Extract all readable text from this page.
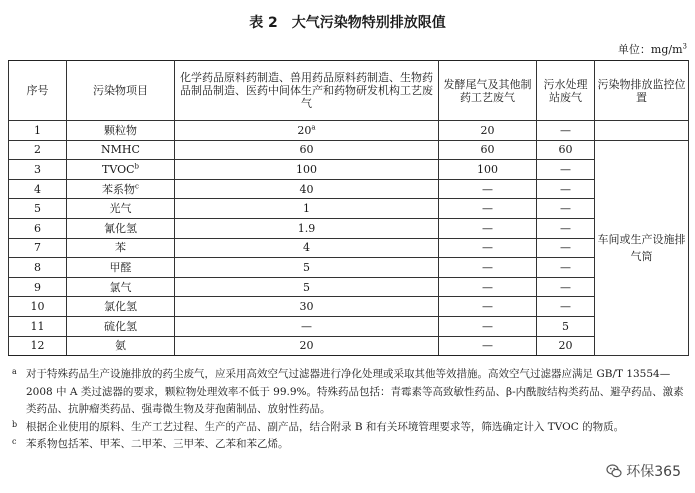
表 2　大气污染物特别排放限值
单位：$mg/m^3$
序号	污染物项目	化学药品原料药制造、兽用药品原料药制造、生物药品制品制造、医药中间体生产和药物研发机构工艺废气	发酵尾气及其他制药工艺废气	污水处理站废气	污染物排放监控位置
1	颗粒物	20$^a$	20	—	
2	NMHC	60	60	60	车间或生产设施排气筒
3	TVOC$^b$	100	100	—	
4	苯系物$^c$	40	—	—	
5	光气	1	—	—	
6	氰化氢	1.9	—	—	
7	苯	4	—	—	
8	甲醛	5	—	—	
9	氯气	5	—	—	
10	氯化氢	30	—	—	
11	硫化氢	—	—	5	
12	氨	20	—	20	
a 对于特殊药品生产设施排放的药尘废气，应采用高效空气过滤器进行净化处理或采取其他等效措施。高效空气过滤器应满足 GB/T 13554—2008 中 A 类过滤器的要求，颗粒物处理效率不低于 99.9%。特殊药品包括：青霉素等高致敏性药品、β-内酰胺结构类药品、避孕药品、激素类药品、抗肿瘤类药品、强毒微生物及芽孢菌制品、放射性药品。
b 根据企业使用的原料、生产工艺过程、生产的产品、副产品，结合附录 B 和有关环境管理要求等，筛选确定计入 TVOC 的物质。
c 苯系物包括苯、甲苯、二甲苯、三甲苯、乙苯和苯乙烯。
环保365
